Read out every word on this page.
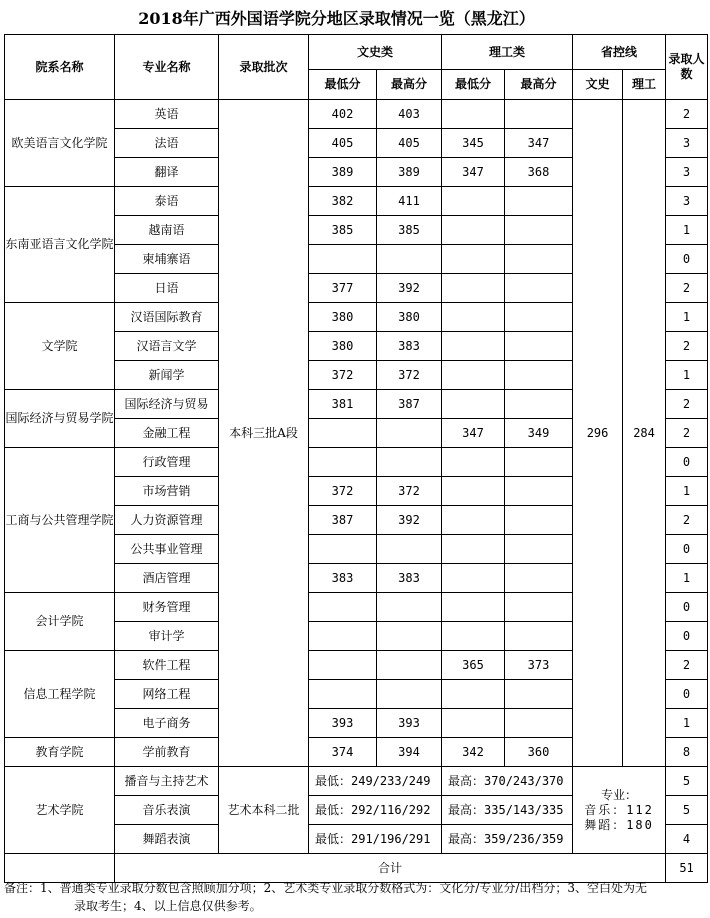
2018年广西外国语学院分地区录取情况一览（黑龙江）
院系名称	专业名称	录取批次	文史类		理工类		省控线		录取人数
			最低分	最高分	最低分	最高分	文史	理工	
欧美语言文化学院	英语	本科三批A段	402	403			296	284	2
	法语		405	405	345	347			3
	翻译		389	389	347	368			3
东南亚语言文化学院	泰语		382	411					3
	越南语		385	385					1
	柬埔寨语								0
	日语		377	392					2
文学院	汉语国际教育		380	380					1
	汉语言文学		380	383					2
	新闻学		372	372					1
国际经济与贸易学院	国际经济与贸易		381	387					2
	金融工程				347	349			2
工商与公共管理学院	行政管理								0
	市场营销		372	372					1
	人力资源管理		387	392					2
	公共事业管理								0
	酒店管理		383	383					1
会计学院	财务管理								0
	审计学								0
信息工程学院	软件工程				365	373			2
	网络工程								0
	电子商务		393	393					1
教育学院	学前教育		374	394	342	360			8
艺术学院	播音与主持艺术	艺术本科二批	最低：249/233/249		最高：370/243/370		专业：
音乐：112
舞蹈：180		5
	音乐表演		最低：292/116/292		最高：335/143/335				5
	舞蹈表演		最低：291/196/291		最高：359/236/359				4
	合计								51
备注：1、普通类专业录取分数包含照顾加分项；2、艺术类专业录取分数格式为：文化分/专业分/出档分；3、空白处为无
录取考生；4、以上信息仅供参考。
